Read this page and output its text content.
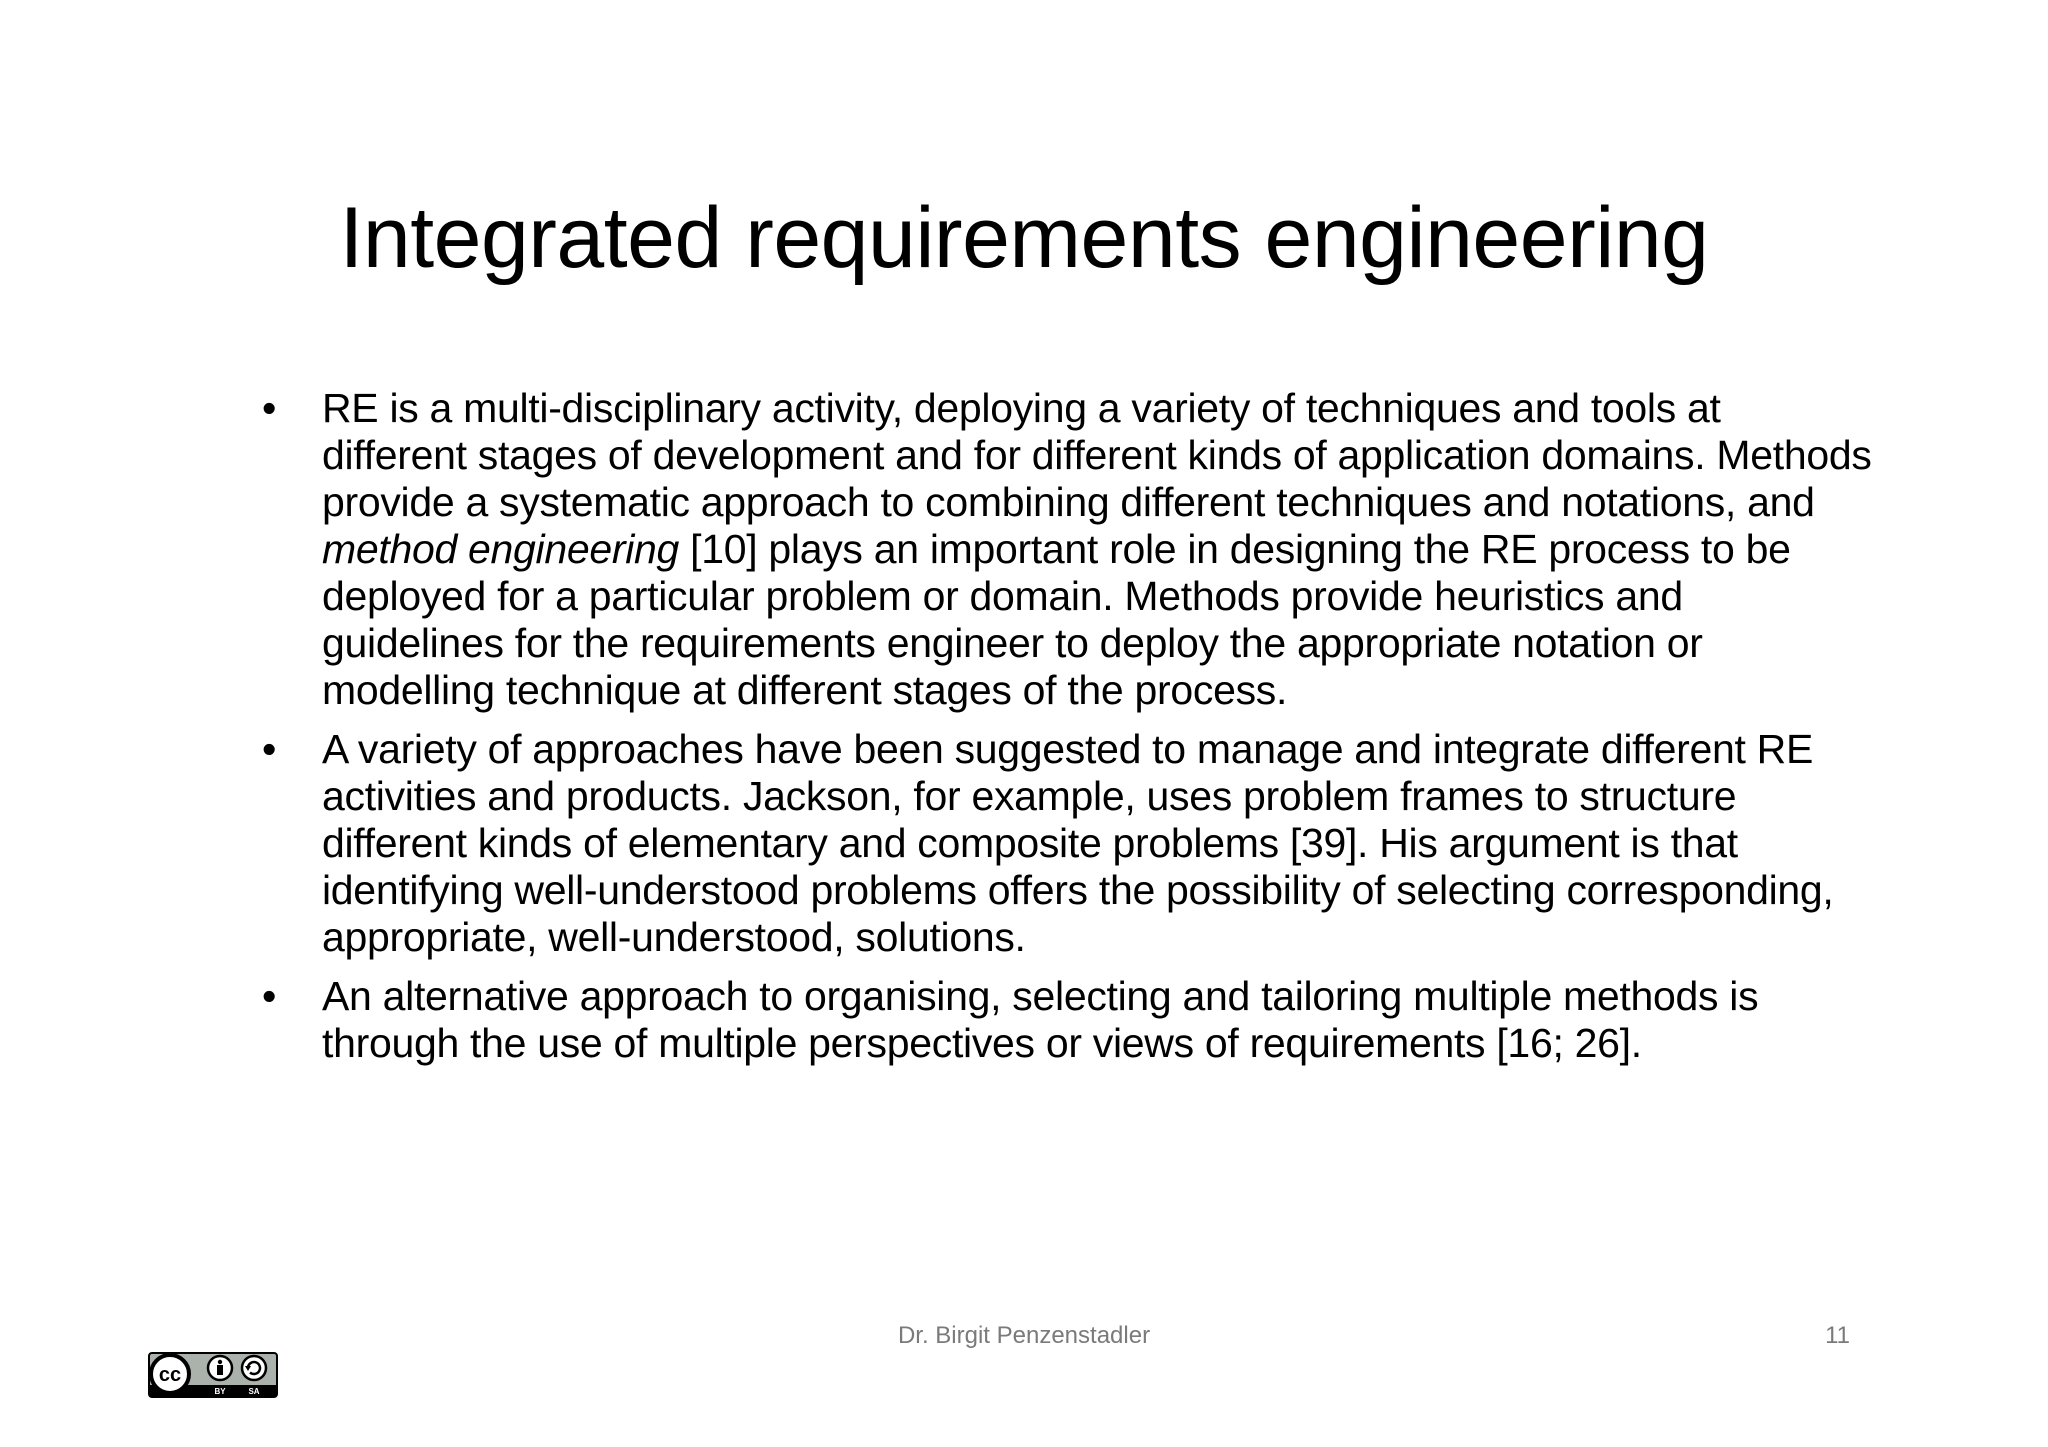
Integrated requirements engineering
• RE is a multi-disciplinary activity, deploying a variety of techniques and tools at different stages of development and for different kinds of application domains. Methods provide a systematic approach to combining different techniques and notations, and method engineering [10] plays an important role in designing the RE process to be deployed for a particular problem or domain. Methods provide heuristics and guidelines for the requirements engineer to deploy the appropriate notation or modelling technique at different stages of the process.
• A variety of approaches have been suggested to manage and integrate different RE activities and products. Jackson, for example, uses problem frames to structure different kinds of elementary and composite problems [39]. His argument is that identifying well-understood problems offers the possibility of selecting corresponding, appropriate, well-understood, solutions.
• An alternative approach to organising, selecting and tailoring multiple methods is through the use of multiple perspectives or views of requirements [16; 26].
Dr. Birgit Penzenstadler	11
cc
BY	SA
